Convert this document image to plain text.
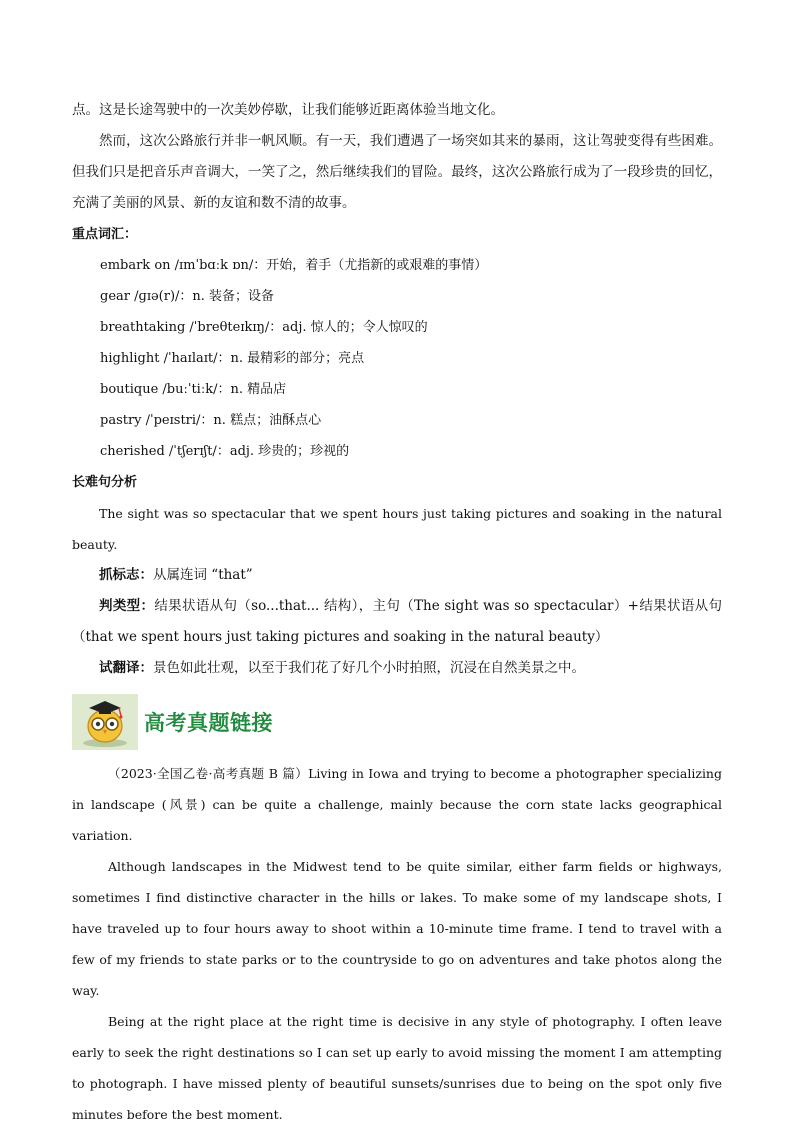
点。这是长途驾驶中的一次美妙停歇，让我们能够近距离体验当地文化。

然而，这次公路旅行并非一帆风顺。有一天，我们遭遇了一场突如其来的暴雨，这让驾驶变得有些困难。但我们只是把音乐声音调大，一笑了之，然后继续我们的冒险。最终，这次公路旅行成为了一段珍贵的回忆，充满了美丽的风景、新的友谊和数不清的故事。

重点词汇：

embark on /ɪmˈbɑːk ɒn/：开始，着手（尤指新的或艰难的事情）

gear /ɡɪə(r)/：n. 装备；设备

breathtaking /ˈbreθteɪkɪŋ/：adj. 惊人的；令人惊叹的

highlight /ˈhaɪlaɪt/：n. 最精彩的部分；亮点

boutique /buːˈtiːk/：n. 精品店

pastry /ˈpeɪstri/：n. 糕点；油酥点心

cherished /ˈtʃerɪʃt/：adj. 珍贵的；珍视的

长难句分析

The sight was so spectacular that we spent hours just taking pictures and soaking in the natural beauty.

抓标志：从属连词 “that”

判类型：结果状语从句（so...that... 结构），主句（The sight was so spectacular）+结果状语从句（that we spent hours just taking pictures and soaking in the natural beauty）

试翻译：景色如此壮观，以至于我们花了好几个小时拍照，沉浸在自然美景之中。

高考真题链接

（2023·全国乙卷·高考真题 B 篇）Living in Iowa and trying to become a photographer specializing in landscape (风景) can be quite a challenge, mainly because the corn state lacks geographical variation.

Although landscapes in the Midwest tend to be quite similar, either farm fields or highways, sometimes I find distinctive character in the hills or lakes. To make some of my landscape shots, I have traveled up to four hours away to shoot within a 10-minute time frame. I tend to travel with a few of my friends to state parks or to the countryside to go on adventures and take photos along the way.

Being at the right place at the right time is decisive in any style of photography. I often leave early to seek the right destinations so I can set up early to avoid missing the moment I am attempting to photograph. I have missed plenty of beautiful sunsets/sunrises due to being on the spot only five minutes before the best moment.
